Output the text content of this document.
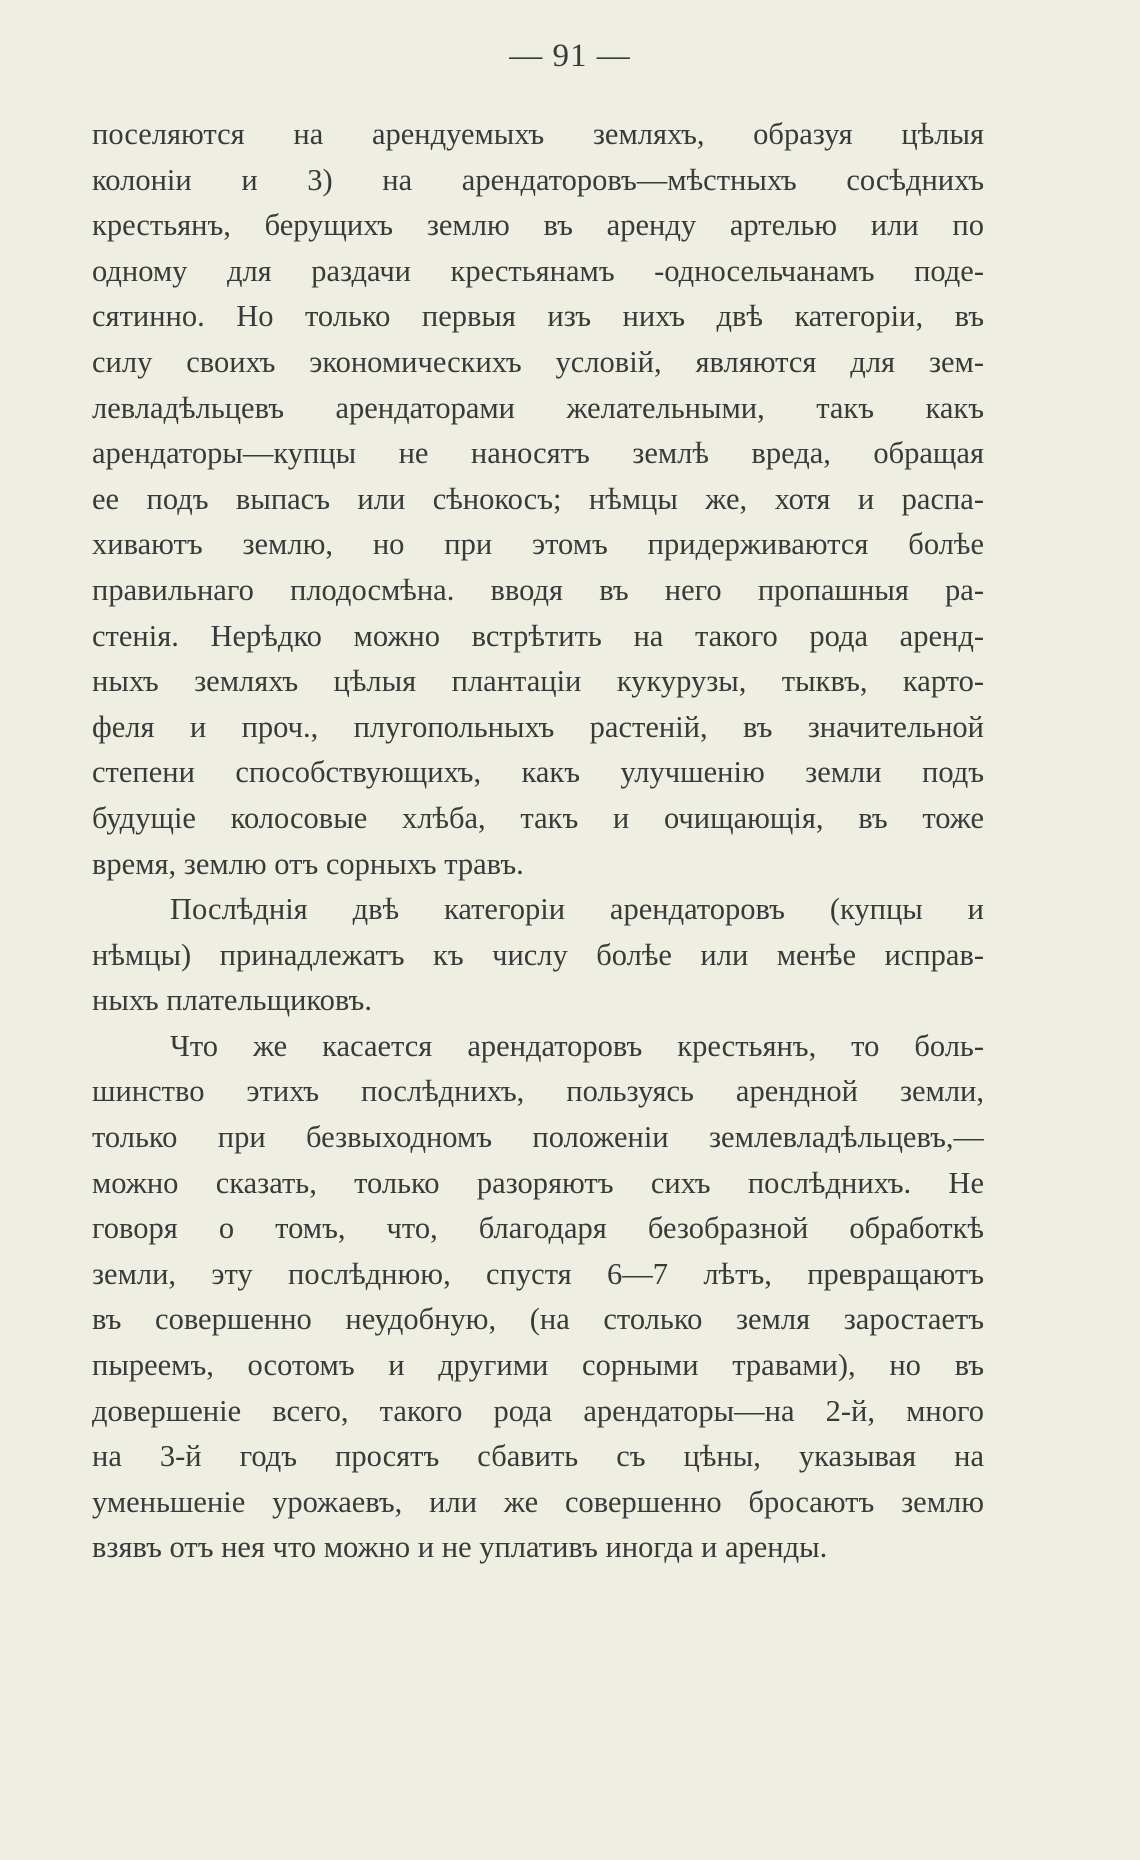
— 91 —
поселяются на арендуемыхъ земляхъ, образуя цѣлыя
колоніи и 3) на арендаторовъ—мѣстныхъ сосѣднихъ
крестьянъ, берущихъ землю въ аренду артелью или по
одному для раздачи крестьянамъ -односельчанамъ поде-
сятинно. Но только первыя изъ нихъ двѣ категоріи, въ
силу своихъ экономическихъ условій, являются для зем-
левладѣльцевъ арендаторами желательными, такъ какъ
арендаторы—купцы не наносятъ землѣ вреда, обращая
ее подъ выпасъ или сѣнокосъ; нѣмцы же, хотя и распа-
хиваютъ землю, но при этомъ придерживаются болѣе
правильнаго плодосмѣна. вводя въ него пропашныя ра-
стенія. Нерѣдко можно встрѣтить на такого рода аренд-
ныхъ земляхъ цѣлыя плантаціи кукурузы, тыквъ, карто-
феля и проч., плугопольныхъ растеній, въ значительной
степени способствующихъ, какъ улучшенію земли подъ
будущіе колосовые хлѣба, такъ и очищающія, въ тоже
время, землю отъ сорныхъ травъ.
Послѣднія двѣ категоріи арендаторовъ (купцы и
нѣмцы) принадлежатъ къ числу болѣе или менѣе исправ-
ныхъ плательщиковъ.
Что же касается арендаторовъ крестьянъ, то боль-
шинство этихъ послѣднихъ, пользуясь арендной земли,
только при безвыходномъ положеніи землевладѣльцевъ,—
можно сказать, только разоряютъ сихъ послѣднихъ. Не
говоря о томъ, что, благодаря безобразной обработкѣ
земли, эту послѣднюю, спустя 6—7 лѣтъ, превращаютъ
въ совершенно неудобную, (на столько земля заростаетъ
пыреемъ, осотомъ и другими сорными травами), но въ
довершеніе всего, такого рода арендаторы—на 2-й, много
на 3-й годъ просятъ сбавить съ цѣны, указывая на
уменьшеніе урожаевъ, или же совершенно бросаютъ землю
взявъ отъ нея что можно и не уплативъ иногда и аренды.
